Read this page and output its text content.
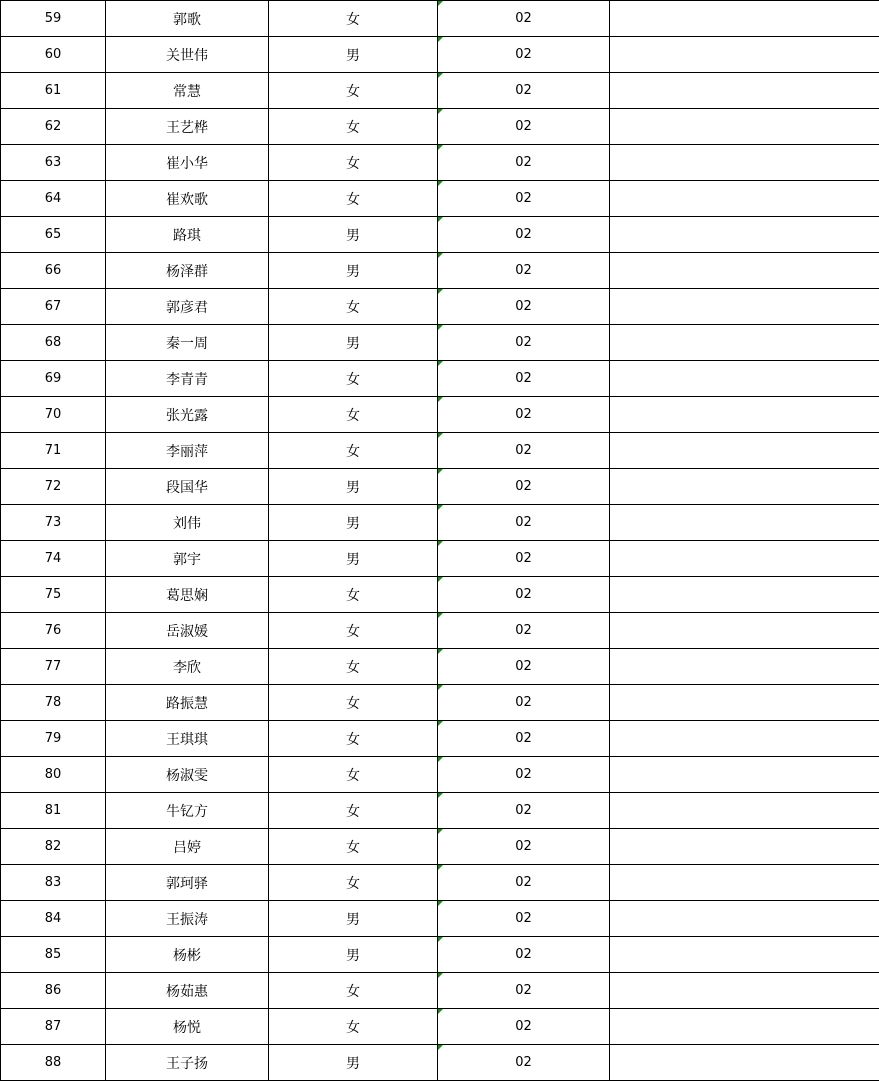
59	郭歌	女	02	
60	关世伟	男	02	
61	常慧	女	02	
62	王艺桦	女	02	
63	崔小华	女	02	
64	崔欢歌	女	02	
65	路琪	男	02	
66	杨泽群	男	02	
67	郭彦君	女	02	
68	秦一周	男	02	
69	李青青	女	02	
70	张光露	女	02	
71	李丽萍	女	02	
72	段国华	男	02	
73	刘伟	男	02	
74	郭宇	男	02	
75	葛思娴	女	02	
76	岳淑媛	女	02	
77	李欣	女	02	
78	路振慧	女	02	
79	王琪琪	女	02	
80	杨淑雯	女	02	
81	牛钇方	女	02	
82	吕婷	女	02	
83	郭珂驿	女	02	
84	王振涛	男	02	
85	杨彬	男	02	
86	杨茹惠	女	02	
87	杨悦	女	02	
88	王子扬	男	02	
